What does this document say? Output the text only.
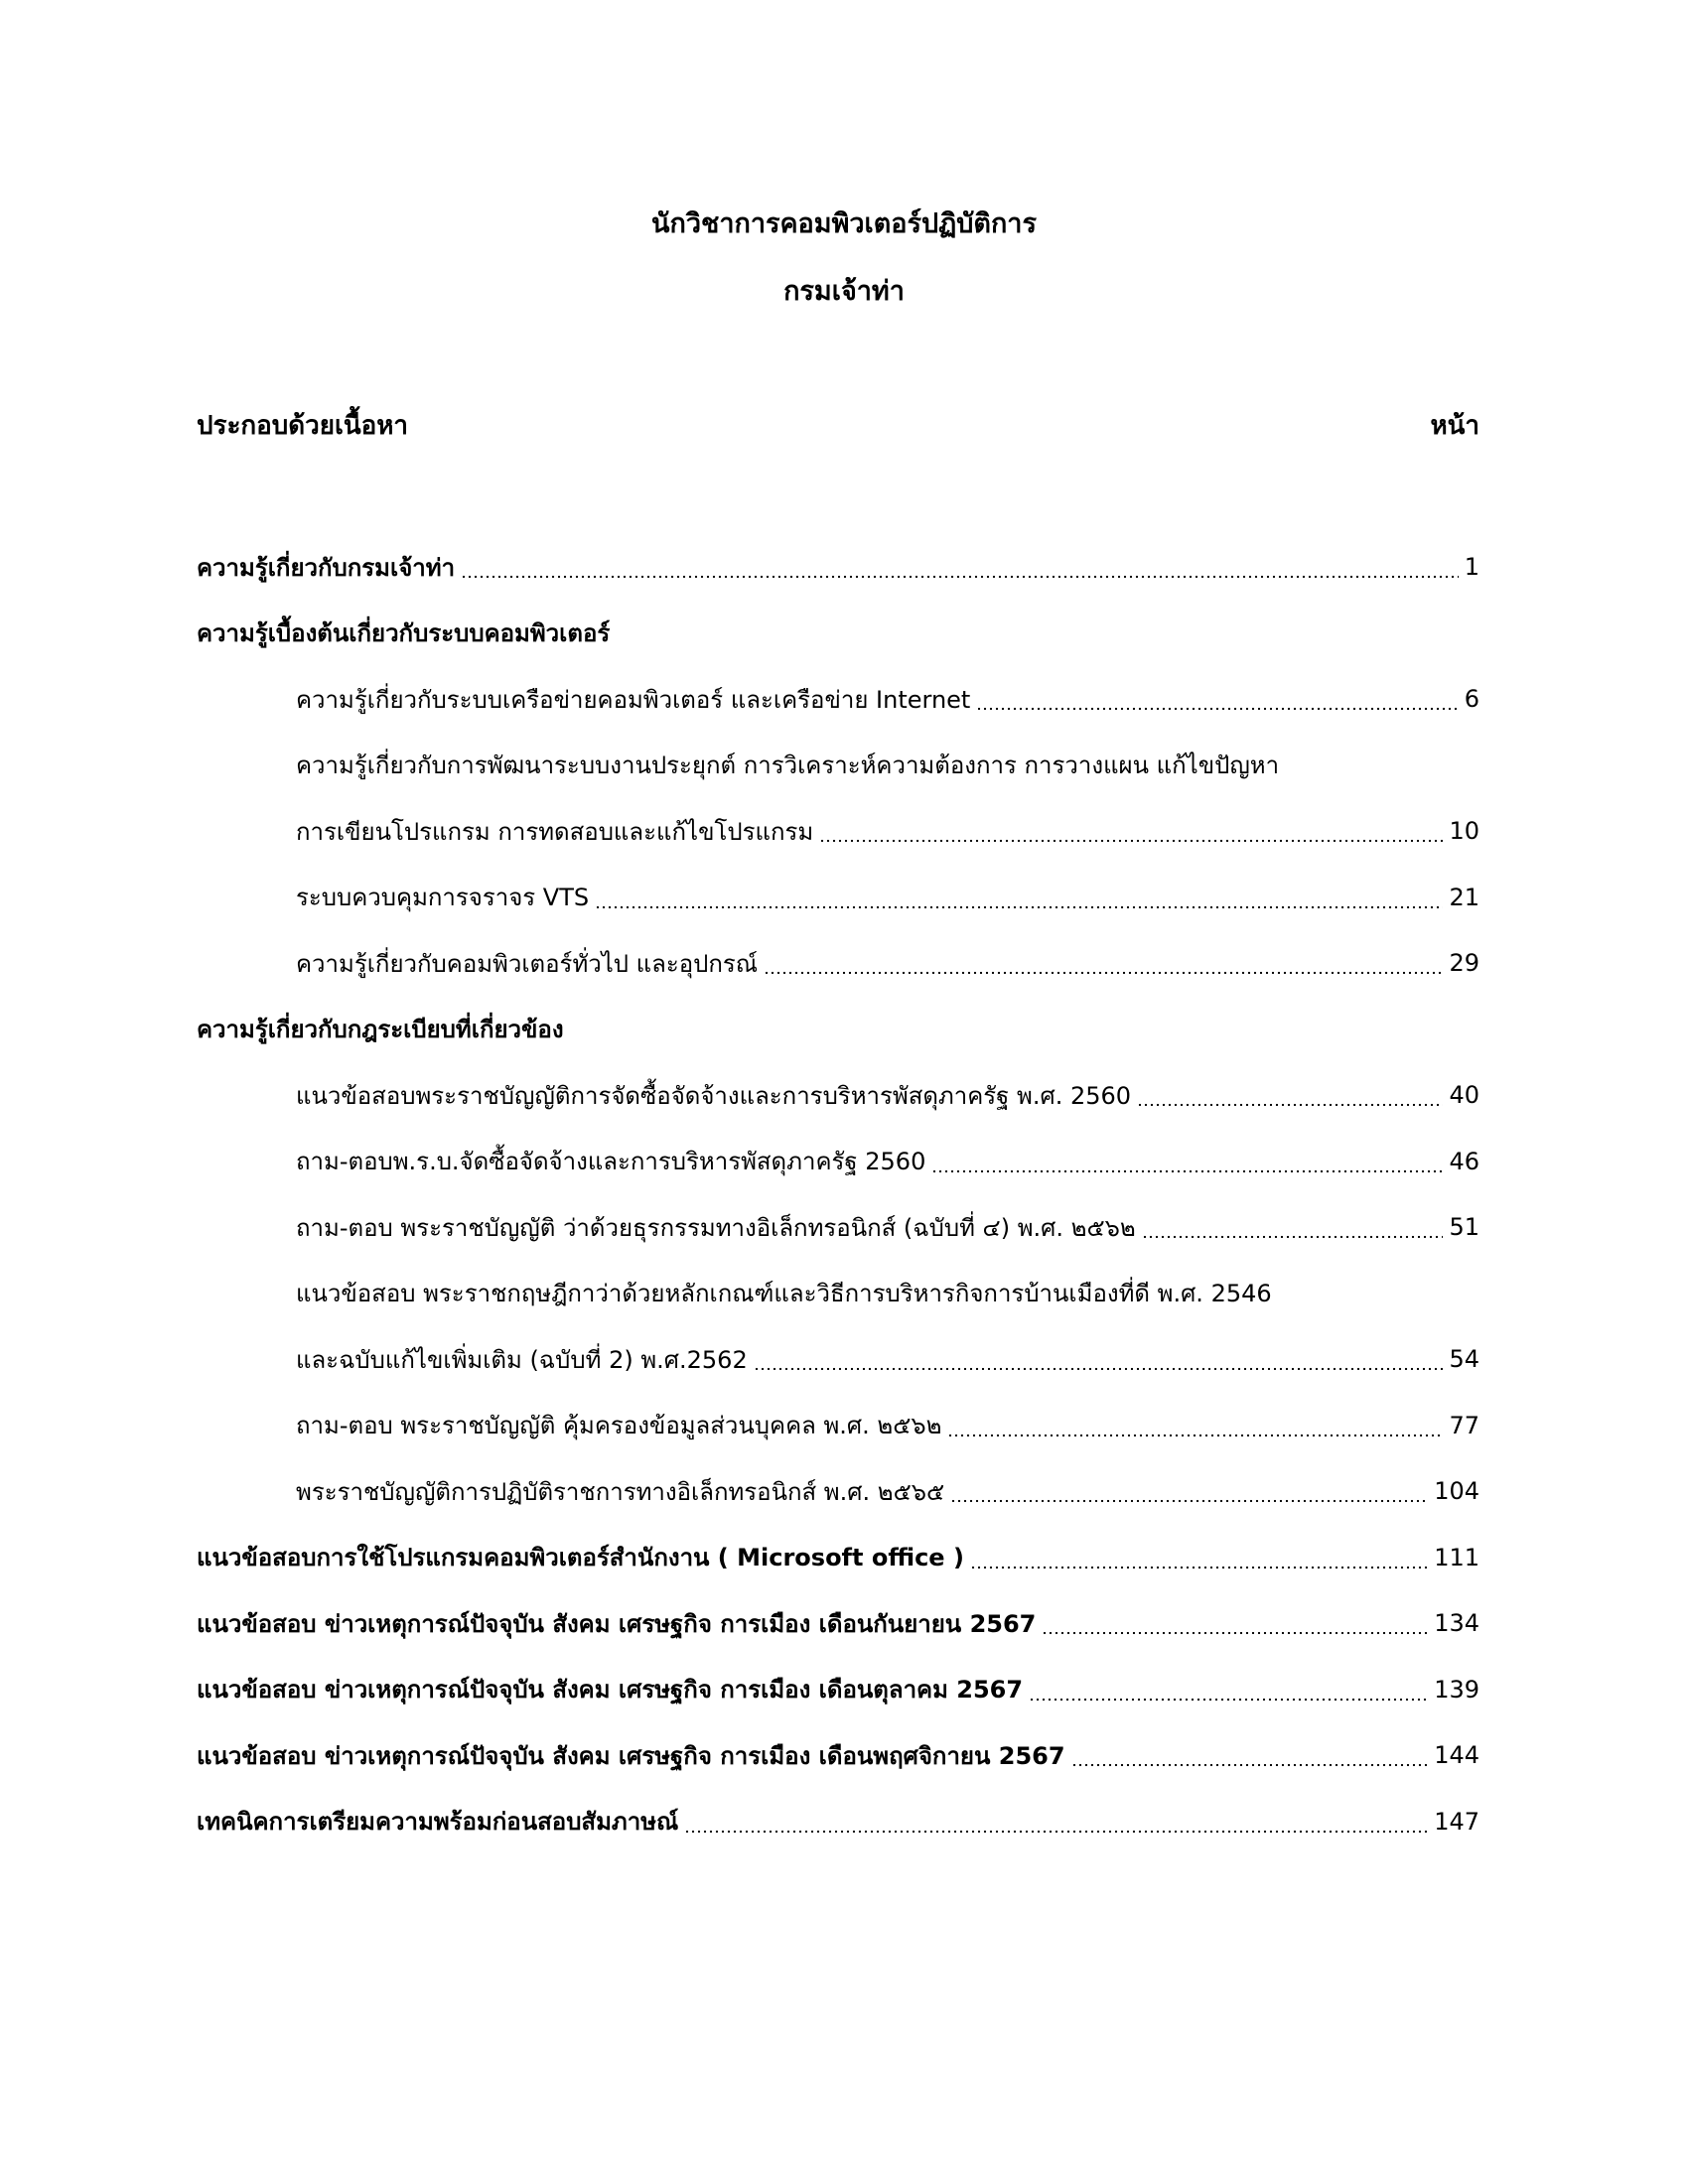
นักวิชาการคอมพิวเตอร์ปฏิบัติการ
กรมเจ้าท่า
ประกอบด้วยเนื้อหา	หน้า
ความรู้เกี่ยวกับกรมเจ้าท่า	1
ความรู้เบื้องต้นเกี่ยวกับระบบคอมพิวเตอร์
ความรู้เกี่ยวกับระบบเครือข่ายคอมพิวเตอร์ และเครือข่าย Internet	6
ความรู้เกี่ยวกับการพัฒนาระบบงานประยุกต์ การวิเคราะห์ความต้องการ การวางแผน แก้ไขปัญหา
การเขียนโปรแกรม การทดสอบและแก้ไขโปรแกรม	10
ระบบควบคุมการจราจร VTS	21
ความรู้เกี่ยวกับคอมพิวเตอร์ทั่วไป และอุปกรณ์	29
ความรู้เกี่ยวกับกฎระเบียบที่เกี่ยวข้อง
แนวข้อสอบพระราชบัญญัติการจัดซื้อจัดจ้างและการบริหารพัสดุภาครัฐ พ.ศ. 2560	40
ถาม-ตอบพ.ร.บ.จัดซื้อจัดจ้างและการบริหารพัสดุภาครัฐ 2560	46
ถาม-ตอบ พระราชบัญญัติ ว่าด้วยธุรกรรมทางอิเล็กทรอนิกส์ (ฉบับที่ ๔) พ.ศ. ๒๕๖๒	51
แนวข้อสอบ พระราชกฤษฎีกาว่าด้วยหลักเกณฑ์และวิธีการบริหารกิจการบ้านเมืองที่ดี พ.ศ. 2546
และฉบับแก้ไขเพิ่มเติม (ฉบับที่ 2) พ.ศ.2562	54
ถาม-ตอบ พระราชบัญญัติ คุ้มครองข้อมูลส่วนบุคคล พ.ศ. ๒๕๖๒	77
พระราชบัญญัติการปฏิบัติราชการทางอิเล็กทรอนิกส์ พ.ศ. ๒๕๖๕	104
แนวข้อสอบการใช้โปรแกรมคอมพิวเตอร์สำนักงาน ( Microsoft office )	111
แนวข้อสอบ ข่าวเหตุการณ์ปัจจุบัน สังคม เศรษฐกิจ การเมือง เดือนกันยายน 2567	134
แนวข้อสอบ ข่าวเหตุการณ์ปัจจุบัน สังคม เศรษฐกิจ การเมือง เดือนตุลาคม 2567	139
แนวข้อสอบ ข่าวเหตุการณ์ปัจจุบัน สังคม เศรษฐกิจ การเมือง เดือนพฤศจิกายน 2567	144
เทคนิคการเตรียมความพร้อมก่อนสอบสัมภาษณ์	147
